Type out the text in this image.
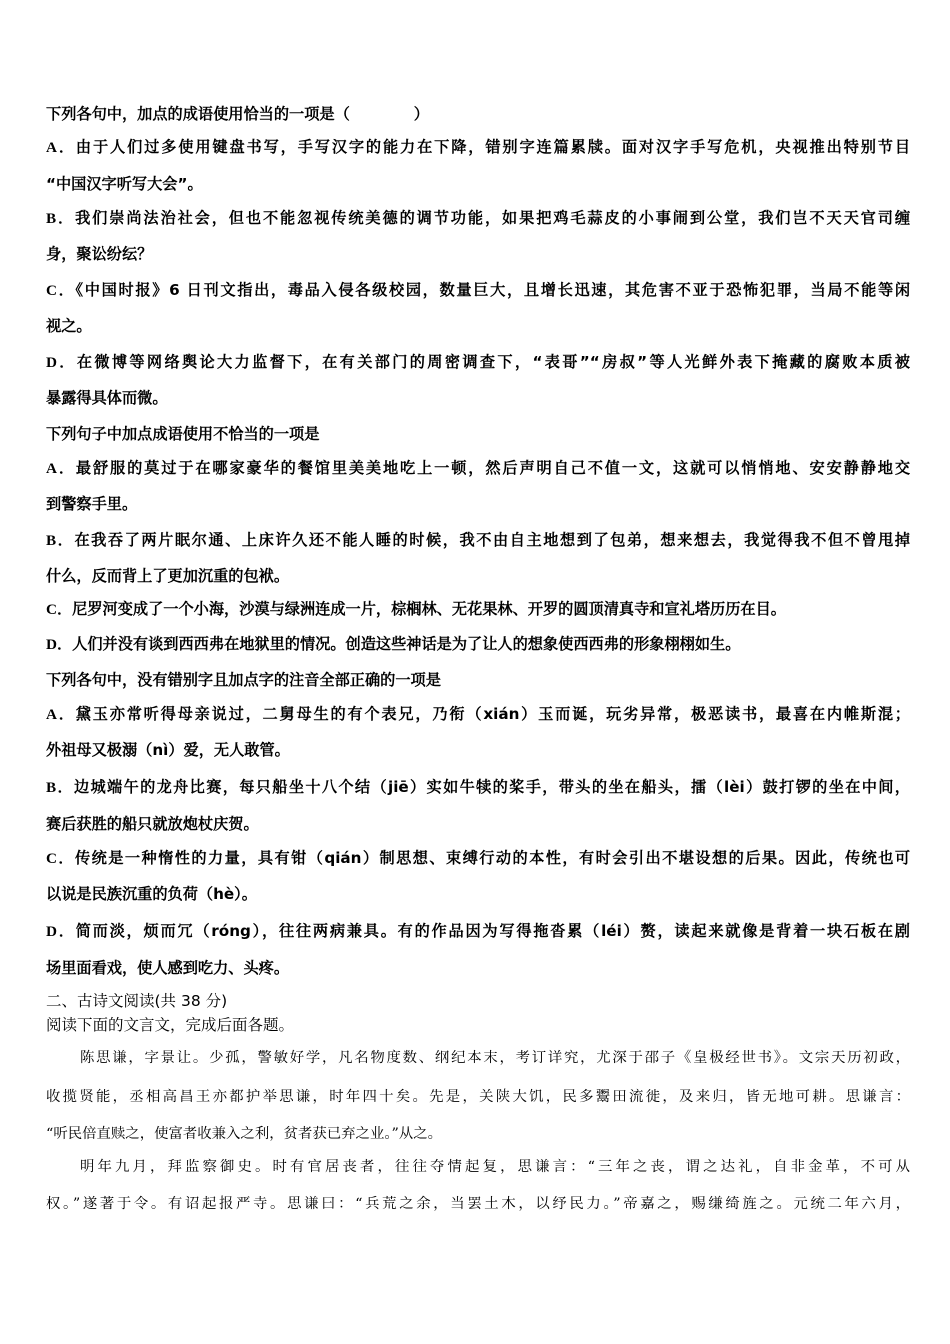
下列各句中，加点的成语使用恰当的一项是（	）
A．由于人们过多使用键盘书写，手写汉字的能力在下降，错别字连篇累牍。面对汉字手写危机，央视推出特别节目
“中国汉字听写大会”。
B．我们崇尚法治社会，但也不能忽视传统美德的调节功能，如果把鸡毛蒜皮的小事闹到公堂，我们岂不天天官司缠
身，聚讼纷纭？
C．《中国时报》6 日刊文指出，毒品入侵各级校园，数量巨大，且增长迅速，其危害不亚于恐怖犯罪，当局不能等闲
视之。
D．在微博等网络舆论大力监督下，在有关部门的周密调查下，“表哥”“房叔”等人光鲜外表下掩藏的腐败本质被
暴露得具体而微。
下列句子中加点成语使用不恰当的一项是
A．最舒服的莫过于在哪家豪华的餐馆里美美地吃上一顿，然后声明自己不值一文，这就可以悄悄地、安安静静地交
到警察手里。
B．在我吞了两片眠尔通、上床许久还不能人睡的时候，我不由自主地想到了包弟，想来想去，我觉得我不但不曾甩掉
什么，反而背上了更加沉重的包袱。
C．尼罗河变成了一个小海，沙漠与绿洲连成一片，棕榈林、无花果林、开罗的圆顶清真寺和宣礼塔历历在目。
D．人们并没有谈到西西弗在地狱里的情况。创造这些神话是为了让人的想象使西西弗的形象栩栩如生。
下列各句中，没有错别字且加点字的注音全部正确的一项是
A．黛玉亦常听得母亲说过，二舅母生的有个表兄，乃衔（xián）玉而诞，玩劣异常，极恶读书，最喜在内帷斯混；
外祖母又极溺（nì）爱，无人敢管。
B．边城端午的龙舟比赛，每只船坐十八个结（jiē）实如牛犊的桨手，带头的坐在船头，擂（lèi）鼓打锣的坐在中间，
赛后获胜的船只就放炮杖庆贺。
C．传统是一种惰性的力量，具有钳（qián）制思想、束缚行动的本性，有时会引出不堪设想的后果。因此，传统也可
以说是民族沉重的负荷（hè）。
D．简而淡，烦而冗（róng），往往两病兼具。有的作品因为写得拖沓累（léi）赘，读起来就像是背着一块石板在剧
场里面看戏，使人感到吃力、头疼。
二、古诗文阅读(共 38 分)
阅读下面的文言文，完成后面各题。
陈思谦，字景让。少孤，警敏好学，凡名物度数、纲纪本末，考订详究，尤深于邵子《皇极经世书》。文宗天历初政，
收揽贤能，丞相高昌王亦都护举思谦，时年四十矣。先是，关陕大饥，民多鬻田流徙，及来归，皆无地可耕。思谦言：
“听民倍直赎之，使富者收兼入之利，贫者获已弃之业。”从之。
明年九月，拜监察御史。时有官居丧者，往往夺情起复，思谦言：“三年之丧，谓之达礼，自非金革，不可从
权。”遂著于令。有诏起报严寺。思谦曰：“兵荒之余，当罢土木，以纾民力。”帝嘉之，赐缣绮旌之。元统二年六月，
